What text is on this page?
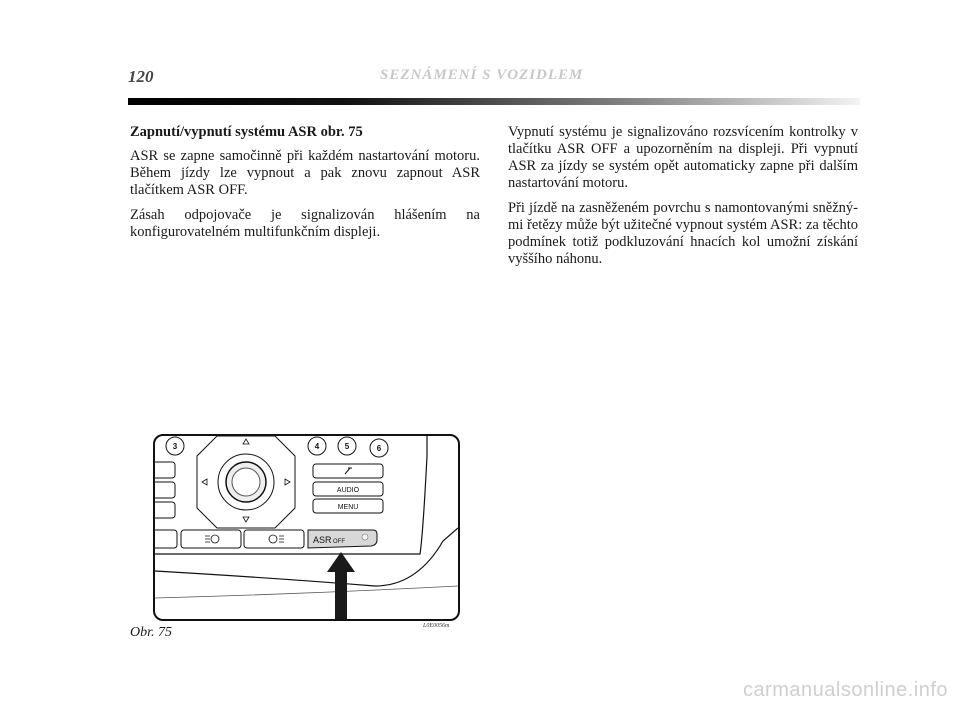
120	SEZNÁMENÍ S VOZIDLEM

Zapnutí/vypnutí systému ASR obr. 75

ASR se zapne samočinně při každém nastartování motoru. Během jízdy lze vypnout a pak znovu zapnout ASR tlačítkem ASR OFF.

Zásah odpojovače je signalizován hlášením na konfigurovatelném multifunkčním displeji.

Vypnutí systému je signalizováno rozsvícením kontrolky v tlačítku ASR OFF a upozorněním na displeji. Při vypnutí ASR za jízdy se systém opět automaticky zapne při dalším nastartování motoru.

Při jízdě na zasněženém povrchu s namontovanými sněžnými řetězy může být užitečné vypnout systém ASR: za těchto podmínek totiž podkluzování hnacích kol umožní získání vyššího náhonu.

3	4	5	6
AUDIO
MENU
ASR OFF
Obr. 75	L0E0056m
carmanualsonline.info
